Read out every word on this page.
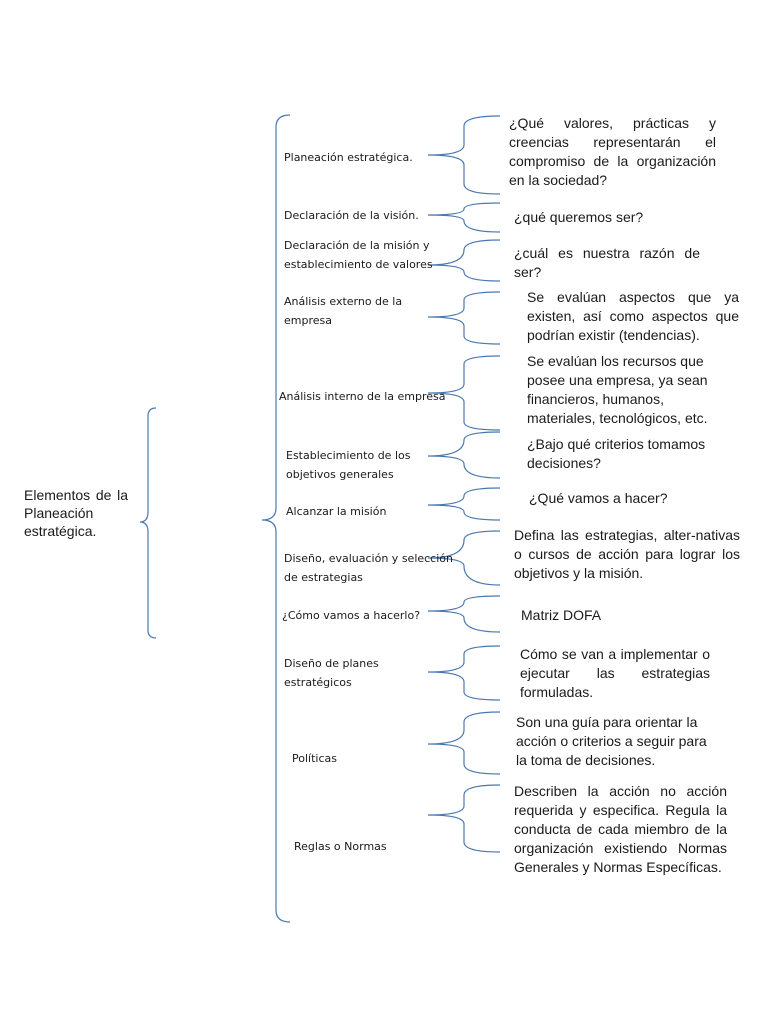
Elementos de la Planeación estratégica.
Planeación estratégica.
Declaración de la visión.
Declaración de la misión y establecimiento de valores
Análisis externo de la empresa
Análisis interno de la empresa
Establecimiento de los objetivos generales
Alcanzar la misión
Diseño, evaluación y selección de estrategias
¿Cómo vamos a hacerlo?
Diseño de planes estratégicos
Políticas
Reglas o Normas
¿Qué valores, prácticas y creencias representarán el compromiso de la organización en la sociedad?
¿qué queremos ser?
¿cuál es nuestra razón de ser?
Se evalúan aspectos que ya existen, así como aspectos que podrían existir (tendencias).
Se evalúan los recursos que posee una empresa, ya sean financieros, humanos, materiales, tecnológicos, etc.
¿Bajo qué criterios tomamos decisiones?
¿Qué vamos a hacer?
Defina las estrategias, alter-nativas o cursos de acción para lograr los objetivos y la misión.
Matriz DOFA
Cómo se van a implementar o ejecutar las estrategias formuladas.
Son una guía para orientar la acción o criterios a seguir para la toma de decisiones.
Describen la acción no acción requerida y especifica. Regula la conducta de cada miembro de la organización existiendo Normas Generales y Normas Específicas.
